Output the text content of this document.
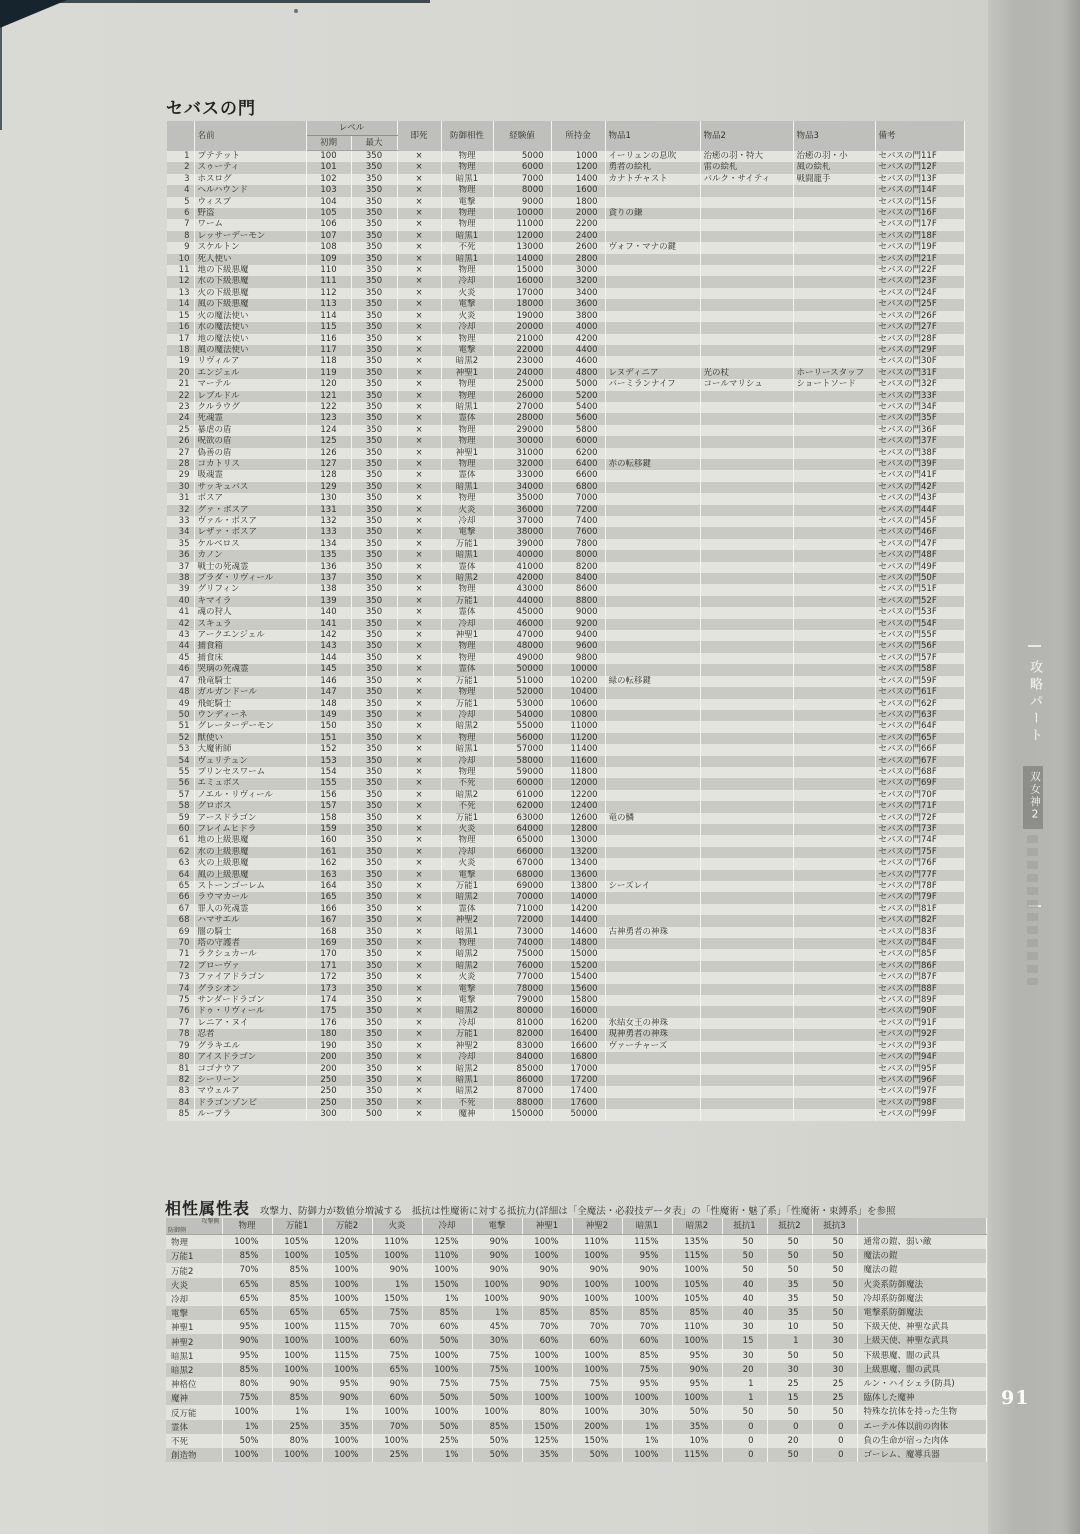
セバスの門
	名前	レベル		即死	防御相性	経験値	所持金	物品1	物品2	物品3	備考
		初期	最大								
1	プテテット	100	350	×	物理	5000	1000	イーリュンの息吹	治癒の羽・特大	治癒の羽・小	セバスの門11F
2	スゥーティ	101	350	×	物理	6000	1200	勇者の絵札	雷の絵札	風の絵札	セバスの門12F
3	ホスログ	102	350	×	暗黒1	7000	1400	カナトチャスト	バルク・サイティ	戦闘籠手	セバスの門13F
4	ヘルハウンド	103	350	×	物理	8000	1600				セバスの門14F
5	ウィスプ	104	350	×	電撃	9000	1800				セバスの門15F
6	野盗	105	350	×	物理	10000	2000	貪りの鎌			セバスの門16F
7	ワーム	106	350	×	物理	11000	2200				セバスの門17F
8	レッサーデーモン	107	350	×	暗黒1	12000	2400				セバスの門18F
9	スケルトン	108	350	×	不死	13000	2600	ヴォフ・マナの鍵			セバスの門19F
10	死人使い	109	350	×	暗黒1	14000	2800				セバスの門21F
11	地の下級悪魔	110	350	×	物理	15000	3000				セバスの門22F
12	水の下級悪魔	111	350	×	冷却	16000	3200				セバスの門23F
13	火の下級悪魔	112	350	×	火炎	17000	3400				セバスの門24F
14	風の下級悪魔	113	350	×	電撃	18000	3600				セバスの門25F
15	火の魔法使い	114	350	×	火炎	19000	3800				セバスの門26F
16	水の魔法使い	115	350	×	冷却	20000	4000				セバスの門27F
17	地の魔法使い	116	350	×	物理	21000	4200				セバスの門28F
18	風の魔法使い	117	350	×	電撃	22000	4400				セバスの門29F
19	リヴィルア	118	350	×	暗黒2	23000	4600				セバスの門30F
20	エンジェル	119	350	×	神聖1	24000	4800	レヌディニア	光の杖	ホーリースタッフ	セバスの門31F
21	マーテル	120	350	×	物理	25000	5000	バーミランナイフ	コールマリシュ	ショートソード	セバスの門32F
22	レブルドル	121	350	×	物理	26000	5200				セバスの門33F
23	クルラウグ	122	350	×	暗黒1	27000	5400				セバスの門34F
24	死魂霊	123	350	×	霊体	28000	5600				セバスの門35F
25	暴虐の盾	124	350	×	物理	29000	5800				セバスの門36F
26	呪欲の盾	125	350	×	物理	30000	6000				セバスの門37F
27	偽善の盾	126	350	×	神聖1	31000	6200				セバスの門38F
28	コカトリス	127	350	×	物理	32000	6400	赤の転移鍵			セバスの門39F
29	吸魂霊	128	350	×	霊体	33000	6600				セバスの門41F
30	サッキュバス	129	350	×	暗黒1	34000	6800				セバスの門42F
31	ボスア	130	350	×	物理	35000	7000				セバスの門43F
32	グァ・ボスア	131	350	×	火炎	36000	7200				セバスの門44F
33	ヴァル・ボスア	132	350	×	冷却	37000	7400				セバスの門45F
34	レザァ・ボスア	133	350	×	電撃	38000	7600				セバスの門46F
35	ケルベロス	134	350	×	万能1	39000	7800				セバスの門47F
36	カノン	135	350	×	暗黒1	40000	8000				セバスの門48F
37	戦士の死魂霊	136	350	×	霊体	41000	8200				セバスの門49F
38	ブラダ・リヴィール	137	350	×	暗黒2	42000	8400				セバスの門50F
39	グリフィン	138	350	×	物理	43000	8600				セバスの門51F
40	キマイラ	139	350	×	万能1	44000	8800				セバスの門52F
41	魂の狩人	140	350	×	霊体	45000	9000				セバスの門53F
42	スキュラ	141	350	×	冷却	46000	9200				セバスの門54F
43	アークエンジェル	142	350	×	神聖1	47000	9400				セバスの門55F
44	捕食箱	143	350	×	物理	48000	9600				セバスの門56F
45	捕食床	144	350	×	物理	49000	9800				セバスの門57F
46	哭璃の死魂霊	145	350	×	霊体	50000	10000				セバスの門58F
47	飛竜騎士	146	350	×	万能1	51000	10200	緑の転移鍵			セバスの門59F
48	ガルガンドール	147	350	×	物理	52000	10400				セバスの門61F
49	飛蛇騎士	148	350	×	万能1	53000	10600				セバスの門62F
50	ウンディーネ	149	350	×	冷却	54000	10800				セバスの門63F
51	グレーターデーモン	150	350	×	暗黒2	55000	11000				セバスの門64F
52	獣使い	151	350	×	物理	56000	11200				セバスの門65F
53	大魔術師	152	350	×	暗黒1	57000	11400				セバスの門66F
54	ヴュリテュン	153	350	×	冷却	58000	11600				セバスの門67F
55	プリンセスワーム	154	350	×	物理	59000	11800				セバスの門68F
56	エミュボス	155	350	×	不死	60000	12000				セバスの門69F
57	ノエル・リヴィール	156	350	×	暗黒2	61000	12200				セバスの門70F
58	グロボス	157	350	×	不死	62000	12400				セバスの門71F
59	アースドラゴン	158	350	×	万能1	63000	12600	竜の鱗			セバスの門72F
60	フレイムヒドラ	159	350	×	火炎	64000	12800				セバスの門73F
61	地の上級悪魔	160	350	×	物理	65000	13000				セバスの門74F
62	水の上級悪魔	161	350	×	冷却	66000	13200				セバスの門75F
63	火の上級悪魔	162	350	×	火炎	67000	13400				セバスの門76F
64	風の上級悪魔	163	350	×	電撃	68000	13600				セバスの門77F
65	ストーンゴーレム	164	350	×	万能1	69000	13800	シーズレイ			セバスの門78F
66	ラウマカール	165	350	×	暗黒2	70000	14000				セバスの門79F
67	罪人の死魂霊	166	350	×	霊体	71000	14200				セバスの門81F
68	ハマサエル	167	350	×	神聖2	72000	14400				セバスの門82F
69	闇の騎士	168	350	×	暗黒1	73000	14600	古神勇者の神珠			セバスの門83F
70	塔の守護者	169	350	×	物理	74000	14800				セバスの門84F
71	ラクシュカール	170	350	×	暗黒2	75000	15000				セバスの門85F
72	プローヴァ	171	350	×	暗黒2	76000	15200				セバスの門86F
73	ファイアドラゴン	172	350	×	火炎	77000	15400				セバスの門87F
74	グラシオン	173	350	×	電撃	78000	15600				セバスの門88F
75	サンダードラゴン	174	350	×	電撃	79000	15800				セバスの門89F
76	ドゥ・リヴィール	175	350	×	暗黒2	80000	16000				セバスの門90F
77	レニア・ヌイ	176	350	×	冷却	81000	16200	氷結女王の神珠			セバスの門91F
78	忍者	180	350	×	万能1	82000	16400	現神勇者の神珠			セバスの門92F
79	グラキエル	190	350	×	神聖2	83000	16600	ヴァーチャーズ			セバスの門93F
80	アイスドラゴン	200	350	×	冷却	84000	16800				セバスの門94F
81	コゴナウア	200	350	×	暗黒2	85000	17000				セバスの門95F
82	シーリーン	250	350	×	暗黒1	86000	17200				セバスの門96F
83	マウェルア	250	350	×	暗黒2	87000	17400				セバスの門97F
84	ドラゴンゾンビ	250	350	×	不死	88000	17600				セバスの門98F
85	ループラ	300	500	×	魔神	150000	50000				セバスの門99F
相性属性表 攻撃力、防御力が数値分増減する　抵抗は性魔術に対する抵抗力(詳細は「全魔法・必殺技データ表」の「性魔術・魅了系」「性魔術・束縛系」を参照
攻撃側
防御側	物理	万能1	万能2	火炎	冷却	電撃	神聖1	神聖2	暗黒1	暗黒2	抵抗1	抵抗2	抵抗3	
物理	100%	105%	120%	110%	125%	90%	100%	110%	115%	135%	50	50	50	通常の鎧、弱い敵
万能1	85%	100%	105%	100%	110%	90%	100%	100%	95%	115%	50	50	50	魔法の鎧
万能2	70%	85%	100%	90%	100%	90%	90%	90%	90%	100%	50	50	50	魔法の鎧
火炎	65%	85%	100%	1%	150%	100%	90%	100%	100%	105%	40	35	50	火炎系防御魔法
冷却	65%	85%	100%	150%	1%	100%	90%	100%	100%	105%	40	35	50	冷却系防御魔法
電撃	65%	65%	65%	75%	85%	1%	85%	85%	85%	85%	40	35	50	電撃系防御魔法
神聖1	95%	100%	115%	70%	60%	45%	70%	70%	70%	110%	30	10	50	下級天使、神聖な武具
神聖2	90%	100%	100%	60%	50%	30%	60%	60%	60%	100%	15	1	30	上級天使、神聖な武具
暗黒1	95%	100%	115%	75%	100%	75%	100%	100%	85%	95%	30	50	50	下級悪魔、闇の武具
暗黒2	85%	100%	100%	65%	100%	75%	100%	100%	75%	90%	20	30	30	上級悪魔、闇の武具
神格位	80%	90%	95%	90%	75%	75%	75%	75%	95%	95%	1	25	25	ルン・ハイシェラ(防具)
魔神	75%	85%	90%	60%	50%	50%	100%	100%	100%	100%	1	15	25	臨体した魔神
反万能	100%	1%	1%	100%	100%	100%	80%	100%	30%	50%	50	50	50	特殊な抗体を持った生物
霊体	1%	25%	35%	70%	50%	85%	150%	200%	1%	35%	0	0	0	エーテル体以前の肉体
不死	50%	80%	100%	100%	25%	50%	125%	150%	1%	10%	0	20	0	負の生命が宿った肉体
創造物	100%	100%	100%	25%	1%	50%	35%	50%	100%	115%	0	50	0	ゴーレム、魔導兵器
攻略パート
双女神2
91
